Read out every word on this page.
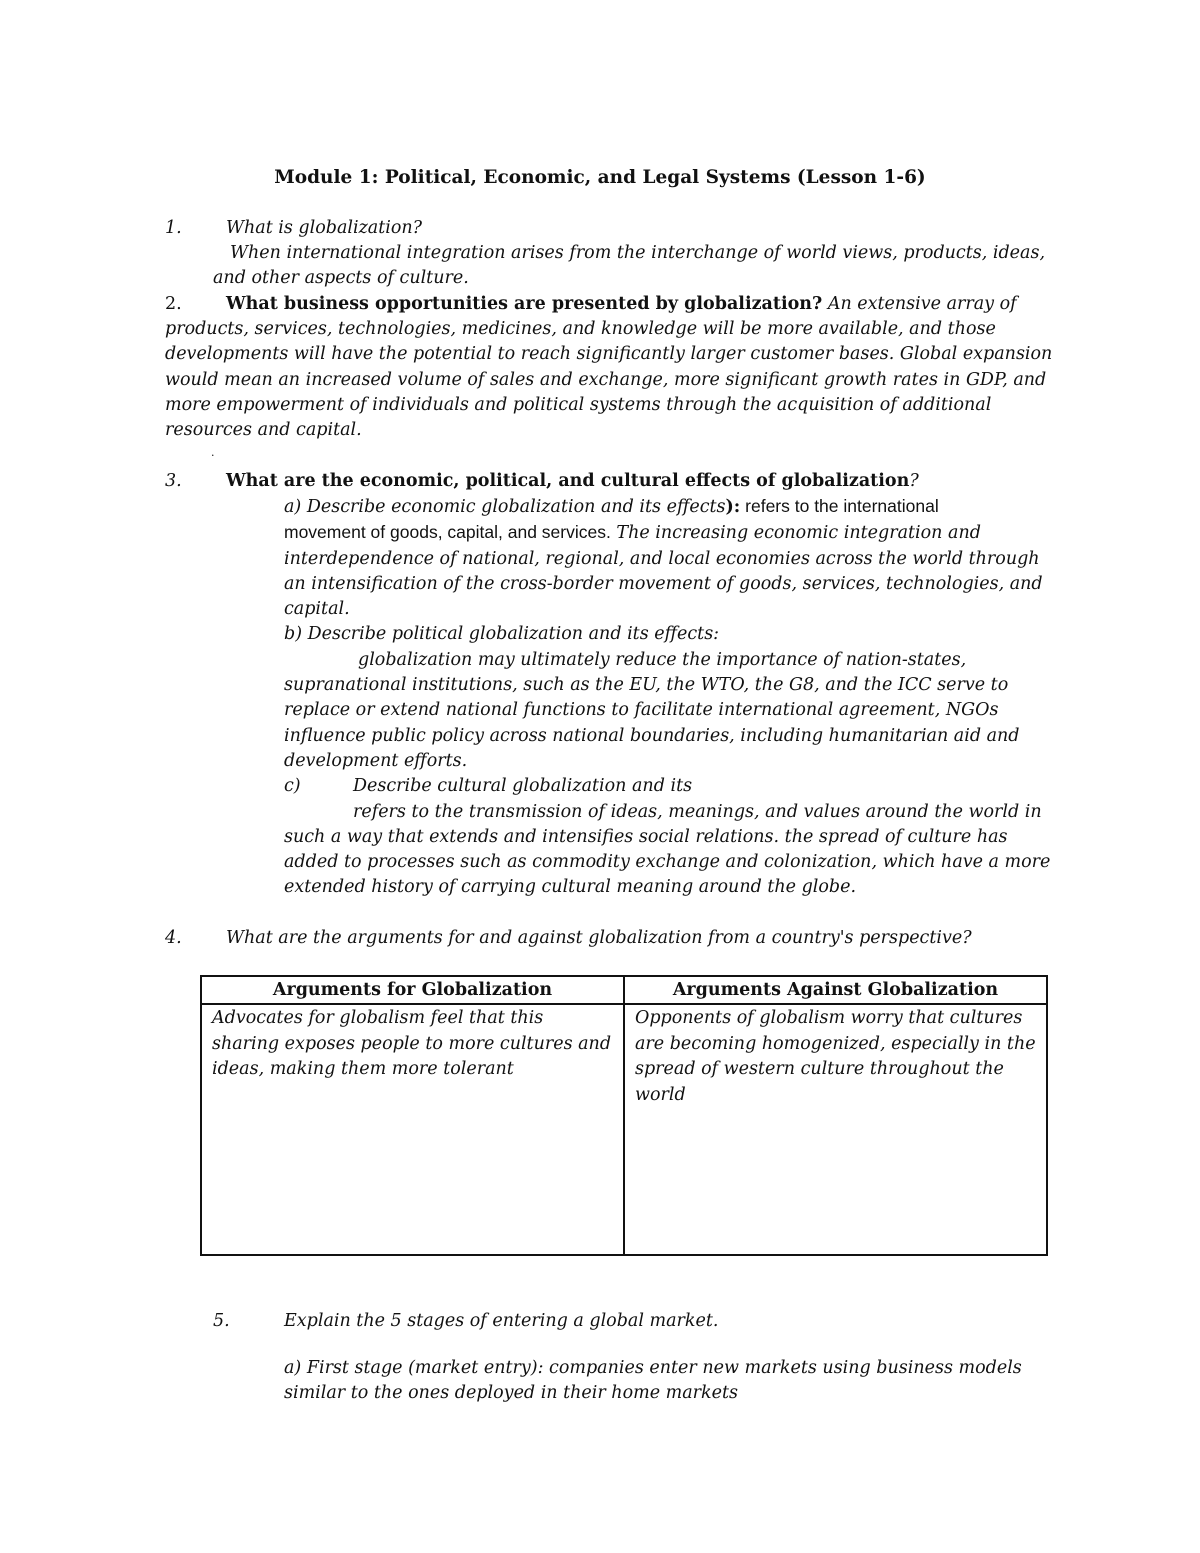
Module 1: Political, Economic, and Legal Systems (Lesson 1-6)
1.	What is globalization?
When international integration arises from the interchange of world views, products, ideas,
and other aspects of culture.
2.	What business opportunities are presented by globalization? An extensive array of
products, services, technologies, medicines, and knowledge will be more available, and those
developments will have the potential to reach significantly larger customer bases. Global expansion
would mean an increased volume of sales and exchange, more significant growth rates in GDP, and
more empowerment of individuals and political systems through the acquisition of additional
resources and capital.
.
3.	What are the economic, political, and cultural effects of globalization?
a) Describe economic globalization and its effects): refers to the international
movement of goods, capital, and services. The increasing economic integration and
interdependence of national, regional, and local economies across the world through
an intensification of the cross-border movement of goods, services, technologies, and
capital.
b) Describe political globalization and its effects:
globalization may ultimately reduce the importance of nation-states,
supranational institutions, such as the EU, the WTO, the G8, and the ICC serve to
replace or extend national functions to facilitate international agreement, NGOs
influence public policy across national boundaries, including humanitarian aid and
development efforts.
c)	Describe cultural globalization and its
refers to the transmission of ideas, meanings, and values around the world in
such a way that extends and intensifies social relations. the spread of culture has
added to processes such as commodity exchange and colonization, which have a more
extended history of carrying cultural meaning around the globe.
4.	What are the arguments for and against globalization from a country's perspective?
Arguments for Globalization	Arguments Against Globalization
Advocates for globalism feel that this sharing exposes people to more cultures and ideas, making them more tolerant	Opponents of globalism worry that cultures are becoming homogenized, especially in the spread of western culture throughout the world
5.	Explain the 5 stages of entering a global market.
a) First stage (market entry): companies enter new markets using business models
similar to the ones deployed in their home markets
